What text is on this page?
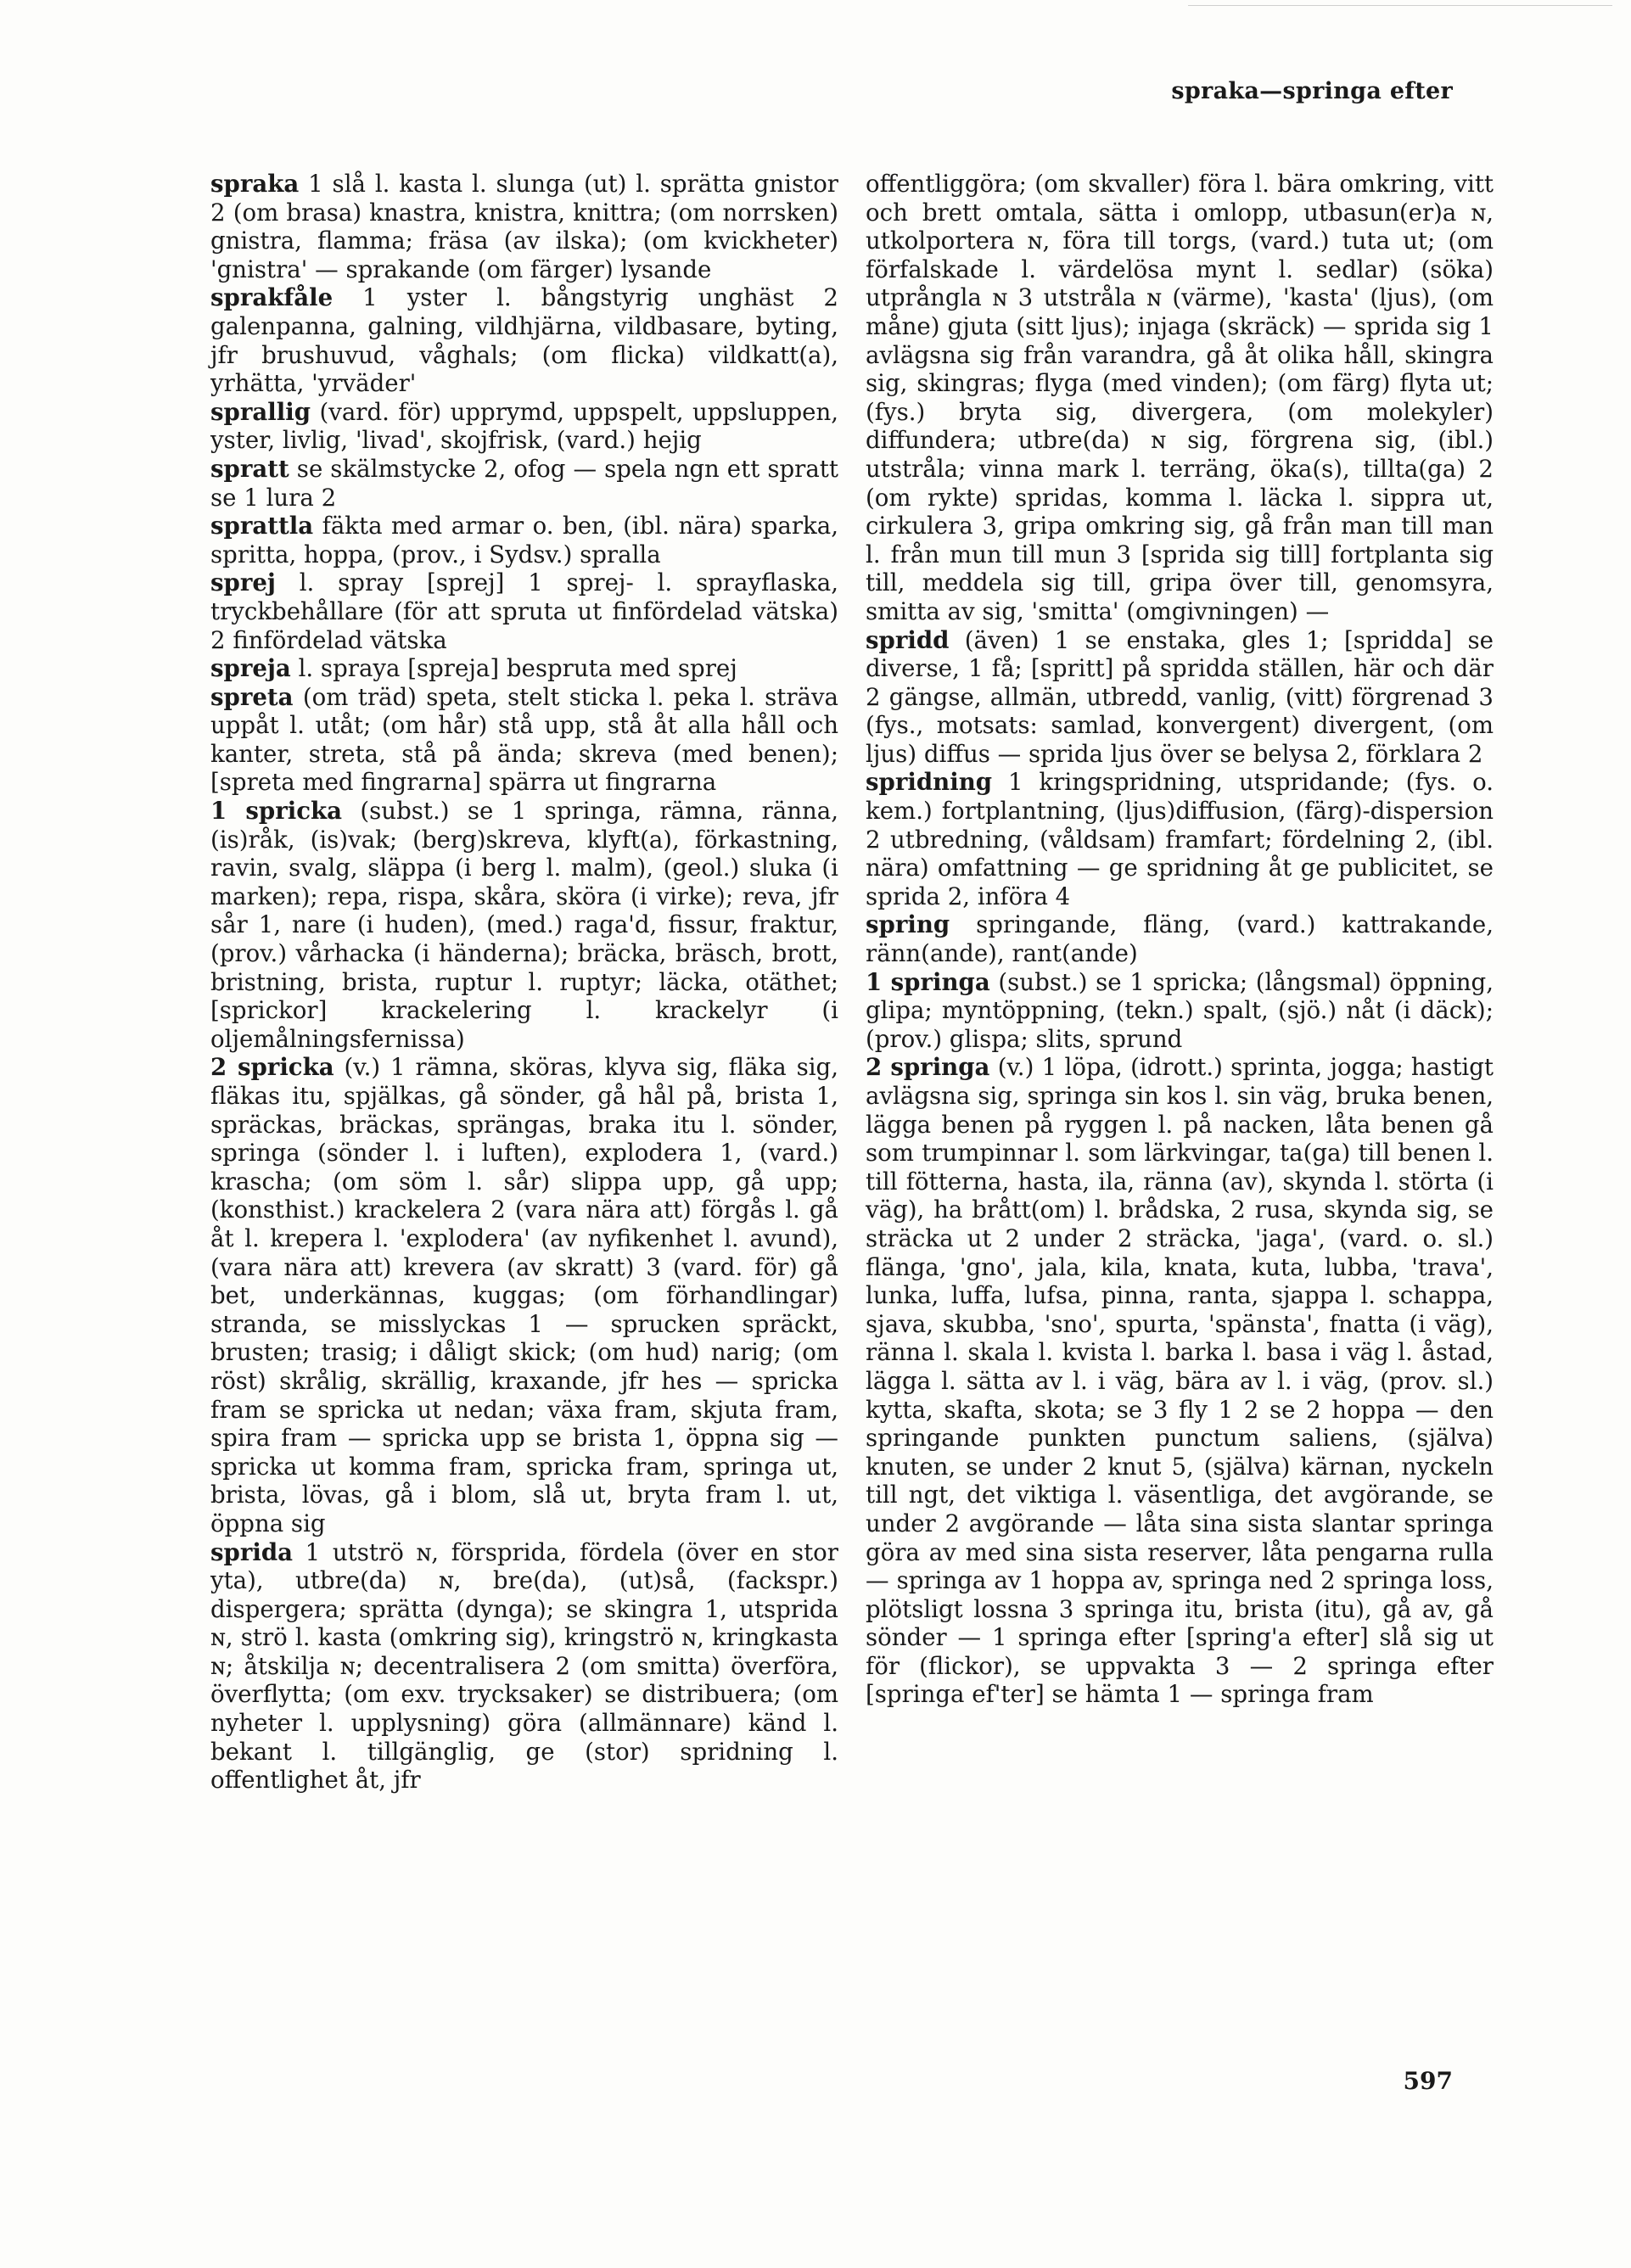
spraka—springa efter

spraka 1 slå l. kasta l. slunga (ut) l. sprätta gnistor 2 (om brasa) knastra, knistra, knittra; (om norrsken) gnistra, flamma; fräsa (av ilska); (om kvickheter) 'gnistra' — sprakande (om färger) lysande

sprakfåle 1 yster l. bångstyrig unghäst 2 galenpanna, galning, vildhjärna, vildbasare, byting, jfr brushuvud, våghals; (om flicka) vildkatt(a), yrhätta, 'yrväder'

sprallig (vard. för) upprymd, uppspelt, uppsluppen, yster, livlig, 'livad', skojfrisk, (vard.) hejig

spratt se skälmstycke 2, ofog — spela ngn ett spratt se 1 lura 2

sprattla fäkta med armar o. ben, (ibl. nära) sparka, spritta, hoppa, (prov., i Sydsv.) spralla

sprej l. spray [sprej] 1 sprej- l. sprayflaska, tryckbehållare (för att spruta ut finfördelad vätska) 2 finfördelad vätska

spreja l. spraya [spreja] bespruta med sprej

spreta (om träd) speta, stelt sticka l. peka l. sträva uppåt l. utåt; (om hår) stå upp, stå åt alla håll och kanter, streta, stå på ända; skreva (med benen); [spreta med fingrarna] spärra ut fingrarna

1 spricka (subst.) se 1 springa, rämna, ränna, (is)råk, (is)vak; (berg)skreva, klyft(a), förkastning, ravin, svalg, släppa (i berg l. malm), (geol.) sluka (i marken); repa, rispa, skåra, sköra (i virke); reva, jfr sår 1, nare (i huden), (med.) raga'd, fissur, fraktur, (prov.) vårhacka (i händerna); bräcka, bräsch, brott, bristning, brista, ruptur l. ruptyr; läcka, otäthet; [sprickor] krackelering l. krackelyr (i oljemålningsfernissa)

2 spricka (v.) 1 rämna, sköras, klyva sig, fläka sig, fläkas itu, spjälkas, gå sönder, gå hål på, brista 1, spräckas, bräckas, sprängas, braka itu l. sönder, springa (sönder l. i luften), explodera 1, (vard.) krascha; (om söm l. sår) slippa upp, gå upp; (konsthist.) krackelera 2 (vara nära att) förgås l. gå åt l. krepera l. 'explodera' (av nyfikenhet l. avund), (vara nära att) krevera (av skratt) 3 (vard. för) gå bet, underkännas, kuggas; (om förhandlingar) stranda, se misslyckas 1 — sprucken spräckt, brusten; trasig; i dåligt skick; (om hud) narig; (om röst) skrålig, skrällig, kraxande, jfr hes — spricka fram se spricka ut nedan; växa fram, skjuta fram, spira fram — spricka upp se brista 1, öppna sig — spricka ut komma fram, spricka fram, springa ut, brista, lövas, gå i blom, slå ut, bryta fram l. ut, öppna sig

sprida 1 utströ ɴ, försprida, fördela (över en stor yta), utbre(da) ɴ, bre(da), (ut)så, (fackspr.) dispergera; sprätta (dynga); se skingra 1, utsprida ɴ, strö l. kasta (omkring sig), kringströ ɴ, kringkasta ɴ; åtskilja ɴ; decentralisera 2 (om smitta) överföra, överflytta; (om exv. trycksaker) se distribuera; (om nyheter l. upplysning) göra (allmännare) känd l. bekant l. tillgänglig, ge (stor) spridning l. offentlighet åt, jfr

offentliggöra; (om skvaller) föra l. bära omkring, vitt och brett omtala, sätta i omlopp, utbasun(er)a ɴ, utkolportera ɴ, föra till torgs, (vard.) tuta ut; (om förfalskade l. värdelösa mynt l. sedlar) (söka) utprångla ɴ 3 utstråla ɴ (värme), 'kasta' (ljus), (om måne) gjuta (sitt ljus); injaga (skräck) — sprida sig 1 avlägsna sig från varandra, gå åt olika håll, skingra sig, skingras; flyga (med vinden); (om färg) flyta ut; (fys.) bryta sig, divergera, (om molekyler) diffundera; utbre(da) ɴ sig, förgrena sig, (ibl.) utstråla; vinna mark l. terräng, öka(s), tillta(ga) 2 (om rykte) spridas, komma l. läcka l. sippra ut, cirkulera 3, gripa omkring sig, gå från man till man l. från mun till mun 3 [sprida sig till] fortplanta sig till, meddela sig till, gripa över till, genomsyra, smitta av sig, 'smitta' (omgivningen) —

spridd (även) 1 se enstaka, gles 1; [spridda] se diverse, 1 få; [spritt] på spridda ställen, här och där 2 gängse, allmän, utbredd, vanlig, (vitt) förgrenad 3 (fys., motsats: samlad, konvergent) divergent, (om ljus) diffus — sprida ljus över se belysa 2, förklara 2

spridning 1 kringspridning, utspridande; (fys. o. kem.) fortplantning, (ljus)diffusion, (färg)-dispersion 2 utbredning, (våldsam) framfart; fördelning 2, (ibl. nära) omfattning — ge spridning åt ge publicitet, se sprida 2, införa 4

spring springande, fläng, (vard.) kattrakande, ränn(ande), rant(ande)

1 springa (subst.) se 1 spricka; (långsmal) öppning, glipa; myntöppning, (tekn.) spalt, (sjö.) nåt (i däck); (prov.) glispa; slits, sprund

2 springa (v.) 1 löpa, (idrott.) sprinta, jogga; hastigt avlägsna sig, springa sin kos l. sin väg, bruka benen, lägga benen på ryggen l. på nacken, låta benen gå som trumpinnar l. som lärkvingar, ta(ga) till benen l. till fötterna, hasta, ila, ränna (av), skynda l. störta (i väg), ha brått(om) l. brådska, 2 rusa, skynda sig, se sträcka ut 2 under 2 sträcka, 'jaga', (vard. o. sl.) flänga, 'gno', jala, kila, knata, kuta, lubba, 'trava', lunka, luffa, lufsa, pinna, ranta, sjappa l. schappa, sjava, skubba, 'sno', spurta, 'spänsta', fnatta (i väg), ränna l. skala l. kvista l. barka l. basa i väg l. åstad, lägga l. sätta av l. i väg, bära av l. i väg, (prov. sl.) kytta, skafta, skota; se 3 fly 1 2 se 2 hoppa — den springande punkten punctum saliens, (själva) knuten, se under 2 knut 5, (själva) kärnan, nyckeln till ngt, det viktiga l. väsentliga, det avgörande, se under 2 avgörande — låta sina sista slantar springa göra av med sina sista reserver, låta pengarna rulla — springa av 1 hoppa av, springa ned 2 springa loss, plötsligt lossna 3 springa itu, brista (itu), gå av, gå sönder — 1 springa efter [spring'a efter] slå sig ut för (flickor), se uppvakta 3 — 2 springa efter [springa ef'ter] se hämta 1 — springa fram

597
